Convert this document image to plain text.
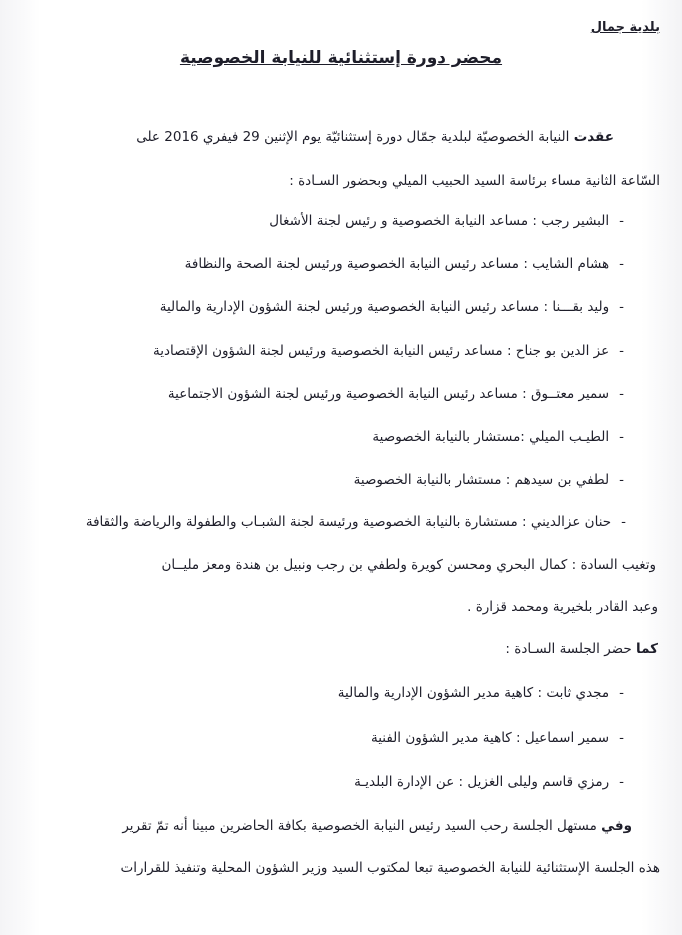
بلدية جمال
محضر دورة إستثنائية للنيابة الخصوصية
عقدت النيابة الخصوصيّة لبلدية جمّال دورة إستثنائيّة يوم الإثنين 29 فيفري 2016 على
السّاعة الثانية مساء برئاسة السيد الحبيب الميلي وبحضور السـادة :
-البشير رجب : مساعد النيابة الخصوصية و رئيس لجنة الأشغال
-هشام الشايب : مساعد رئيس النيابة الخصوصية ورئيس لجنة الصحة والنظافة
-وليد بقـــنا : مساعد رئيس النيابة الخصوصية ورئيس لجنة الشؤون الإدارية والمالية
-عز الدين بو جناح : مساعد رئيس النيابة الخصوصية ورئيس لجنة الشؤون الإقتصادية
-سمير معتــوق : مساعد رئيس النيابة الخصوصية ورئيس لجنة الشؤون الاجتماعية
-الطيـب الميلي :مستشار بالنيابة الخصوصية
-لطفي بن سيدهم : مستشار بالنيابة الخصوصية
-حنان عزالديني : مستشارة بالنيابة الخصوصية ورئيسة لجنة الشبـاب والطفولة والرياضة والثقافة
وتغيب السادة : كمال البحري ومحسن كويرة ولطفي بن رجب ونبيل بن هندة ومعز مليــان
وعبد القادر بلخيرية ومحمد قزارة .
كما حضر الجلسة السـادة :
-مجدي ثابت : كاهية مدير الشؤون الإدارية والمالية
-سمير اسماعيل : كاهية مدير الشؤون الفنية
-رمزي قاسم وليلى الغزيل : عن الإدارة البلديـة
وفي مستهل الجلسة رحب السيد رئيس النيابة الخصوصية بكافة الحاضرين مبينا أنه تمّ تقرير
هذه الجلسة الإستثنائية للنيابة الخصوصية تبعا لمكتوب السيد وزير الشؤون المحلية وتنفيذ للقرارات
